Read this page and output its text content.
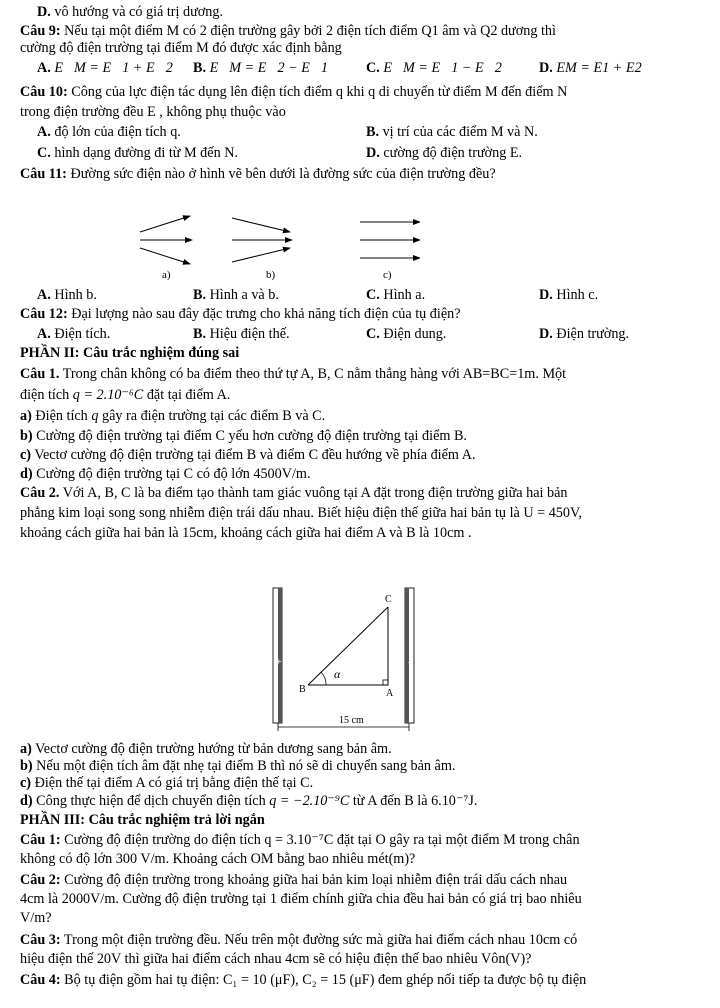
D. vô hướng và có giá trị dương.
Câu 9: Nếu tại một điểm M có 2 điện trường gây bởi 2 điện tích điểm Q1 âm và Q2 dương thì
cường độ điện trường tại điểm M đó được xác định bằng
A. E⃗M = E⃗1 + E⃗2 B. E⃗M = E⃗2 − E⃗1	C. E⃗M = E⃗1 − E⃗2	D. EM = E1 + E2
Câu 10: Công của lực điện tác dụng lên điện tích điểm q khi q di chuyển từ điểm M đến điểm N
trong điện trường đều E , không phụ thuộc vào
A. độ lớn của điện tích q.	B. vị trí của các điểm M và N.
C. hình dạng đường đi từ M đến N.	D. cường độ điện trường E.
Câu 11: Đường sức điện nào ở hình vẽ bên dưới là đường sức của điện trường đều?
a)	b)	c)
A. Hình b.	B. Hình a và b.	C. Hình a.	D. Hình c.
Câu 12: Đại lượng nào sau đây đặc trưng cho khả năng tích điện của tụ điện?
A. Điện tích.	B. Hiệu điện thế.	C. Điện dung.	D. Điện trường.
PHẦN II: Câu trắc nghiệm đúng sai
Câu 1. Trong chân không có ba điểm theo thứ tự A, B, C nằm thẳng hàng với AB=BC=1m. Một
điện tích q = 2.10⁻⁶C đặt tại điểm A.
a) Điện tích q gây ra điện trường tại các điểm B và C.
b) Cường độ điện trường tại điểm C yếu hơn cường độ điện trường tại điểm B.
c) Vectơ cường độ điện trường tại điểm B và điểm C đều hướng về phía điểm A.
d) Cường độ điện trường tại C có độ lớn 4500V/m.
Câu 2. Với A, B, C là ba điểm tạo thành tam giác vuông tại A đặt trong điện trường giữa hai bản
phẳng kim loại song song nhiễm điện trái dấu nhau. Biết hiệu điện thế giữa hai bản tụ là U = 450V,
khoảng cách giữa hai bản là 15cm, khoảng cách giữa hai điểm A và B là 10cm .
+	-
C
B	A
α
15 cm
a) Vectơ cường độ điện trường hướng từ bản dương sang bản âm.
b) Nếu một điện tích âm đặt nhẹ tại điểm B thì nó sẽ di chuyển sang bản âm.
c) Điện thế tại điểm A có giá trị bằng điện thế tại C.
d) Công thực hiện để dịch chuyển điện tích q = −2.10⁻⁹C từ A đến B là 6.10⁻⁷J.
PHẦN III: Câu trắc nghiệm trả lời ngắn
Câu 1: Cường độ điện trường do điện tích q = 3.10⁻⁷C đặt tại O gây ra tại một điểm M trong chân
không có độ lớn 300 V/m. Khoảng cách OM bằng bao nhiêu mét(m)?
Câu 2: Cường độ điện trường trong khoảng giữa hai bản kim loại nhiễm điện trái dấu cách nhau
4cm là 2000V/m. Cường độ điện trường tại 1 điểm chính giữa chia đều hai bản có giá trị bao nhiêu
V/m?
Câu 3: Trong một điện trường đều. Nếu trên một đường sức mà giữa hai điểm cách nhau 10cm có
hiệu điện thế 20V thì giữa hai điểm cách nhau 4cm sẽ có hiệu điện thế bao nhiêu Vôn(V)?
Câu 4: Bộ tụ điện gồm hai tụ điện: C₁ = 10 (μF), C₂ = 15 (μF) đem ghép nối tiếp ta được bộ tụ điện
